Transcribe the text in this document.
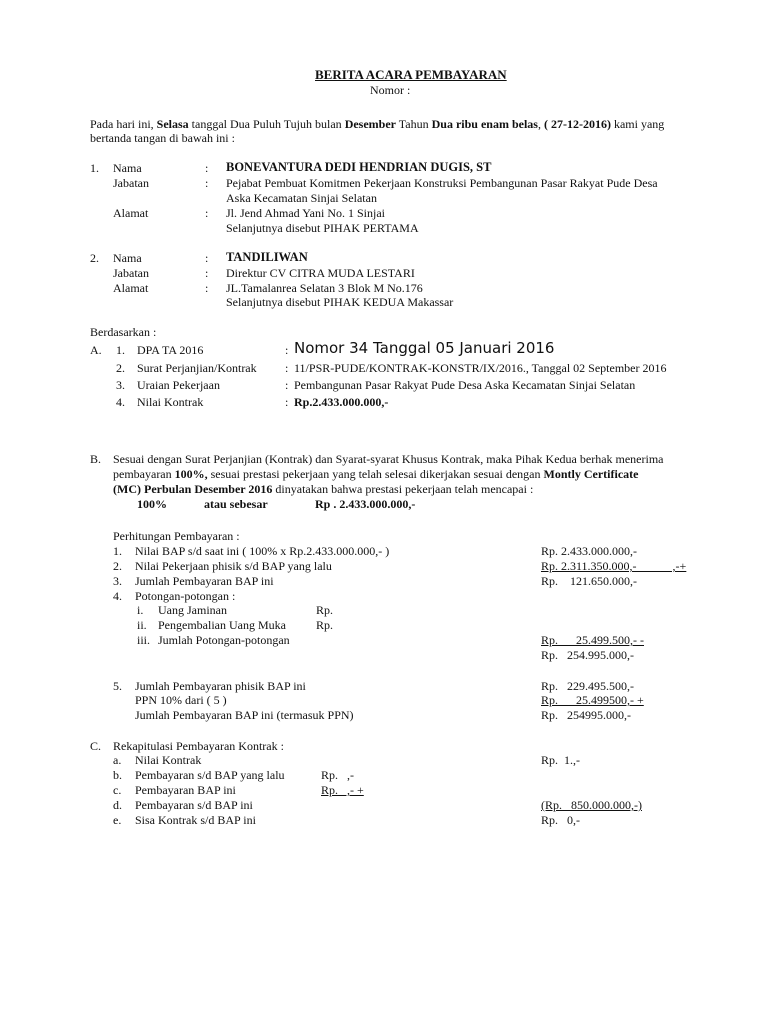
BERITA ACARA PEMBAYARAN
Nomor :
Pada hari ini, Selasa tanggal Dua Puluh Tujuh bulan Desember Tahun Dua ribu enam belas, ( 27-12-2016) kami yang
bertanda tangan di bawah ini :
1. Nama	: BONEVANTURA DEDI HENDRIAN DUGIS, ST
Jabatan	: Pejabat Pembuat Komitmen Pekerjaan Konstruksi Pembangunan Pasar Rakyat Pude Desa
Aska Kecamatan Sinjai Selatan
Alamat	: Jl. Jend Ahmad Yani No. 1 Sinjai
Selanjutnya disebut PIHAK PERTAMA
2. Nama	: TANDILIWAN
Jabatan	: Direktur CV CITRA MUDA LESTARI
Alamat	: JL.Tamalanrea Selatan 3 Blok M No.176
Selanjutnya disebut PIHAK KEDUA Makassar
Berdasarkan :
A. 1. DPA TA 2016	: Nomor 34 Tanggal 05 Januari 2016
2. Surat Perjanjian/Kontrak : 11/PSR-PUDE/KONTRAK-KONSTR/IX/2016., Tanggal 02 September 2016
3. Uraian Pekerjaan	: Pembangunan Pasar Rakyat Pude Desa Aska Kecamatan Sinjai Selatan
4. Nilai Kontrak	: Rp.2.433.000.000,-
B. Sesuai dengan Surat Perjanjian (Kontrak) dan Syarat-syarat Khusus Kontrak, maka Pihak Kedua berhak menerima
pembayaran 100%, sesuai prestasi pekerjaan yang telah selesai dikerjakan sesuai dengan Montly Certificate
(MC) Perbulan Desember 2016 dinyatakan bahwa prestasi pekerjaan telah mencapai :
100%	atau sebesar	Rp . 2.433.000.000,-
Perhitungan Pembayaran :
1. Nilai BAP s/d saat ini ( 100% x Rp.2.433.000.000,- )	Rp. 2.433.000.000,-
2. Nilai Pekerjaan phisik s/d BAP yang lalu	Rp. 2.311.350.000,-            ,-+
3. Jumlah Pembayaran BAP ini	Rp.    121.650.000,-
4. Potongan-potongan :
i. Uang Jaminan	Rp.
ii. Pengembalian Uang Muka	Rp.
iii. Jumlah Potongan-potongan	Rp.      25.499.500,- -
Rp.   254.995.000,-
5. Jumlah Pembayaran phisik BAP ini	Rp.   229.495.500,-
PPN 10% dari ( 5 )	Rp.      25.499500,- +
Jumlah Pembayaran BAP ini (termasuk PPN)	Rp.   254995.000,-
C. Rekapitulasi Pembayaran Kontrak :
a. Nilai Kontrak	Rp.  1.,-
b. Pembayaran s/d BAP yang lalu	Rp.   ,-
c. Pembayaran BAP ini	Rp.   ,- +
d. Pembayaran s/d BAP ini	(Rp.   850.000.000,-)
e. Sisa Kontrak s/d BAP ini	Rp.   0,-
